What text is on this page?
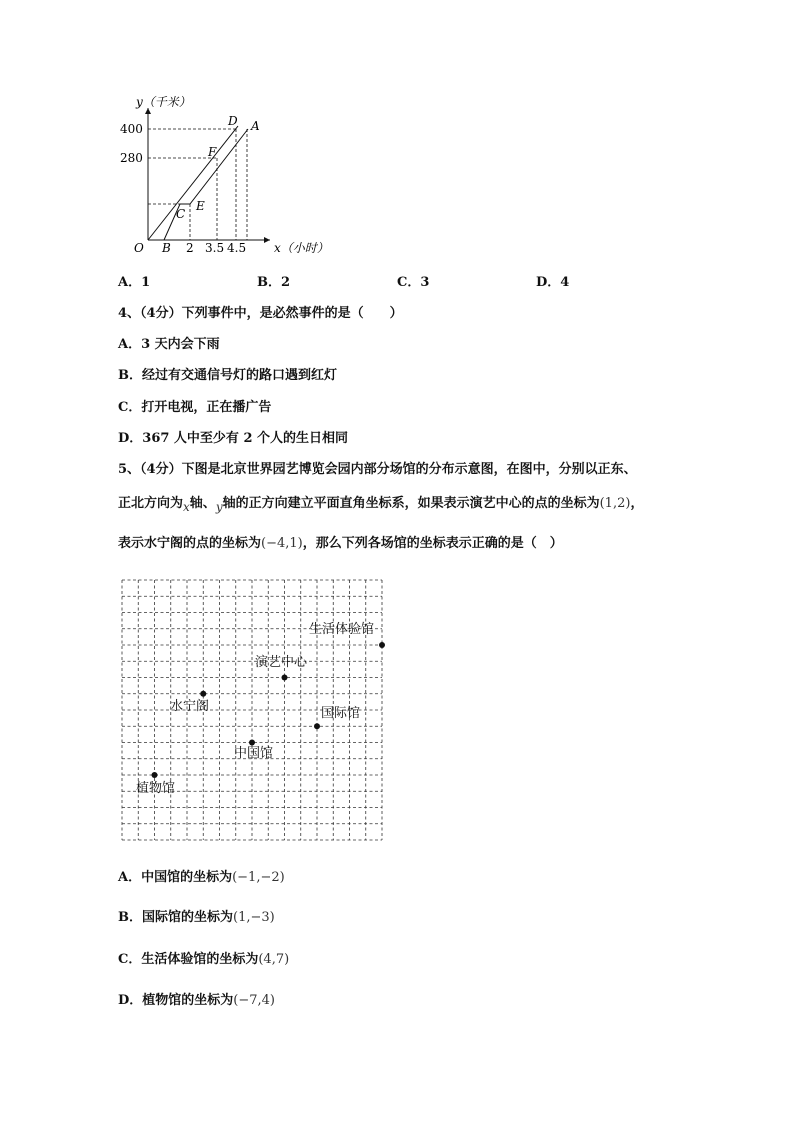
y（千米）
400
280
2 3.5 4.5 x（小时）
O B
C
E
F
D A
A．1	B．2	C．3	D．4
4、（4分）下列事件中，是必然事件的是（　　）
A．3 天内会下雨
B．经过有交通信号灯的路口遇到红灯
C．打开电视，正在播广告
D．367 人中至少有 2 个人的生日相同
5、（4分）下图是北京世界园艺博览会园内部分场馆的分布示意图，在图中，分别以正东、
正北方向为x轴、y轴的正方向建立平面直角坐标系，如果表示演艺中心的点的坐标为(1,2)，
表示水宁阁的点的坐标为(−4,1)，那么下列各场馆的坐标表示正确的是（　）
生活体验馆
演艺中心
水宁阁	国际馆
中国馆
植物馆
A．中国馆的坐标为(−1,−2)
B．国际馆的坐标为(1,−3)
C．生活体验馆的坐标为(4,7)
D．植物馆的坐标为(−7,4)
